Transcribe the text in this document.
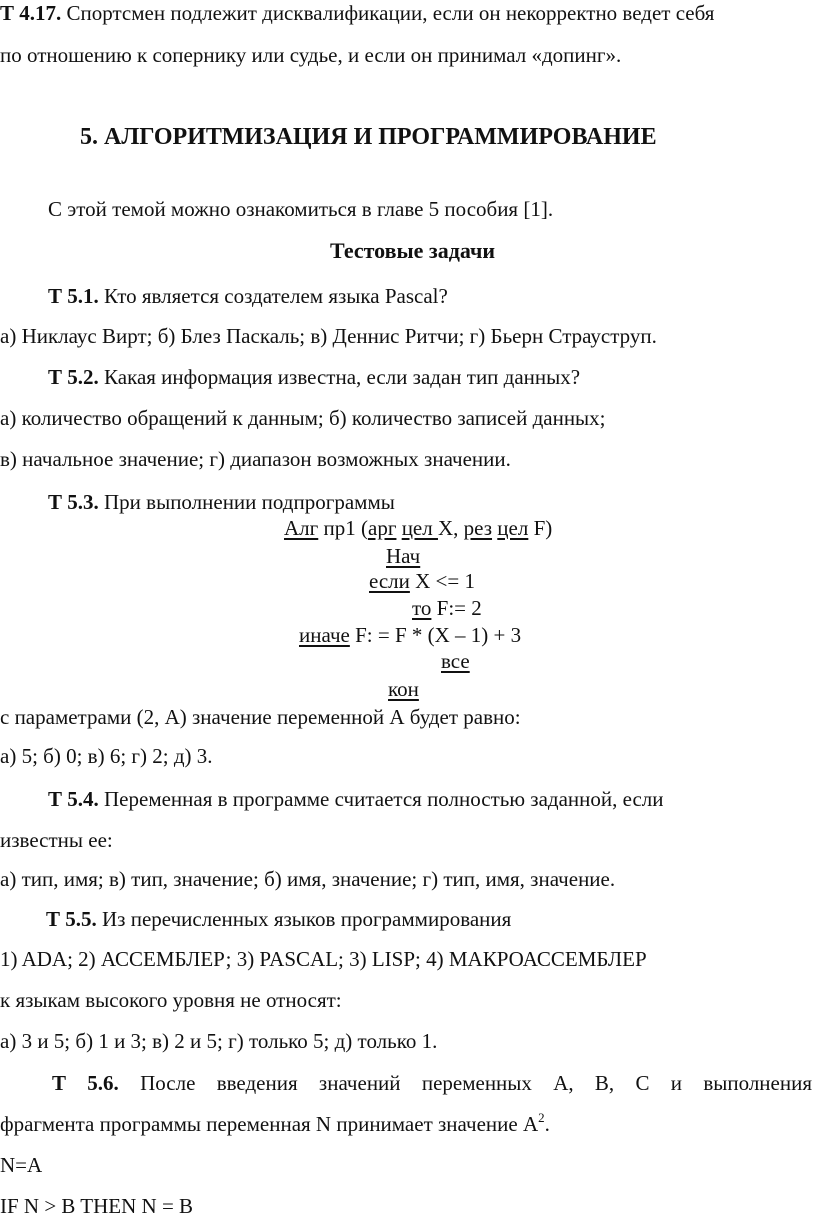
Т 4.17. Спортсмен подлежит дисквалификации, если он некорректно ведет себя
по отношению к сопернику или судье, и если он принимал «допинг».
5. АЛГОРИТМИЗАЦИЯ И ПРОГРАММИРОВАНИЕ
С этой темой можно ознакомиться в главе 5 пособия [1].
Тестовые задачи
Т 5.1. Кто является создателем языка Pascal?
а) Никлаус Вирт; б) Блез Паскаль; в) Деннис Ритчи; г) Бьерн Страуструп.
Т 5.2. Какая информация известна, если задан тип данных?
а) количество обращений к данным; б) количество записей данных;
в) начальное значение; г) диапазон возможных значении.
Т 5.3. При выполнении подпрограммы
Алг пр1 (арг цел Х, рез цел F)
Нач
если Х <= 1
то F:= 2
иначе F: = F * (Х – 1) + 3
все
кон
с параметрами (2, А) значение переменной А будет равно:
а) 5; б) 0; в) 6; г) 2; д) 3.
Т 5.4. Переменная в программе считается полностью заданной, если
известны ее:
а) тип, имя; в) тип, значение; б) имя, значение; г) тип, имя, значение.
Т 5.5. Из перечисленных языков программирования
1) ADA; 2) АССЕМБЛЕР; 3) PASCAL; 3) LISP; 4) МАКРОАССЕМБЛЕР
к языкам высокого уровня не относят:
а) 3 и 5; б) 1 и 3; в) 2 и 5; г) только 5; д) только 1.
Т 5.6. После введения значений переменных А, В, С и выполнения
фрагмента программы переменная N принимает значение $А^2$.
N=A
IF N > B THEN N = B
